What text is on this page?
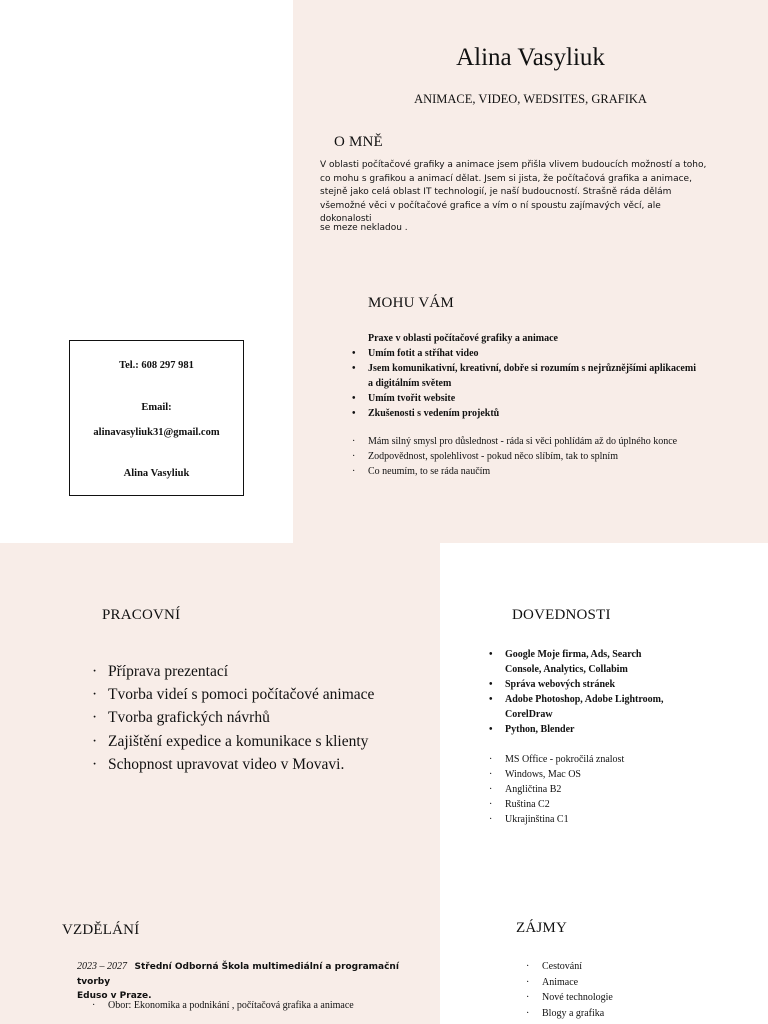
Alina Vasyliuk
ANIMACE, VIDEO, WEDSITES, GRAFIKA
O MNĚ
V oblasti počítačové grafiky a animace jsem přišla vlivem budoucích možností a toho,
co mohu s grafikou a animací dělat. Jsem si jista, že počítačová grafika a animace,
stejně jako celá oblast IT technologií, je naší budoucností. Strašně ráda dělám
všemožné věci v počítačové grafice a vím o ní spoustu zajímavých věcí, ale dokonalosti
se meze nekladou .
MOHU VÁM
Praxe v oblasti počítačové grafiky a animace
• Umím fotit a stříhat video
• Jsem komunikativní, kreativní, dobře si rozumím s nejrůznějšími aplikacemi a digitálním světem
• Umím tvořit website
• Zkušenosti s vedením projektů
· Mám silný smysl pro důslednost - ráda si věci pohlídám až do úplného konce
· Zodpovědnost, spolehlivost - pokud něco slíbím, tak to splním
· Co neumím, to se ráda naučím
Tel.: 608 297 981
Email:
alinavasyliuk31@gmail.com
Alina Vasyliuk
PRACOVNÍ
· Příprava prezentací
· Tvorba videí s pomoci počítačové animace
· Tvorba grafických návrhů
· Zajištění expedice a komunikace s klienty
· Schopnost upravovat video v Movavi.
DOVEDNOSTI
• Google Moje firma, Ads, Search Console, Analytics, Collabim
• Správa webových stránek
• Adobe Photoshop, Adobe Lightroom, CorelDraw
• Python, Blender
· MS Office - pokročilá znalost
· Windows, Mac OS
· Angličtina B2
· Ruština C2
· Ukrajinština C1
VZDĚLÁNÍ
2023 – 2027 Střední Odborná Škola multimediální a programační tvorby
Eduso v Praze.
· Obor: Ekonomika a podnikání , počítačová grafika a animace
ZÁJMY
· Cestování
· Animace
· Nové technologie
· Blogy a grafika
